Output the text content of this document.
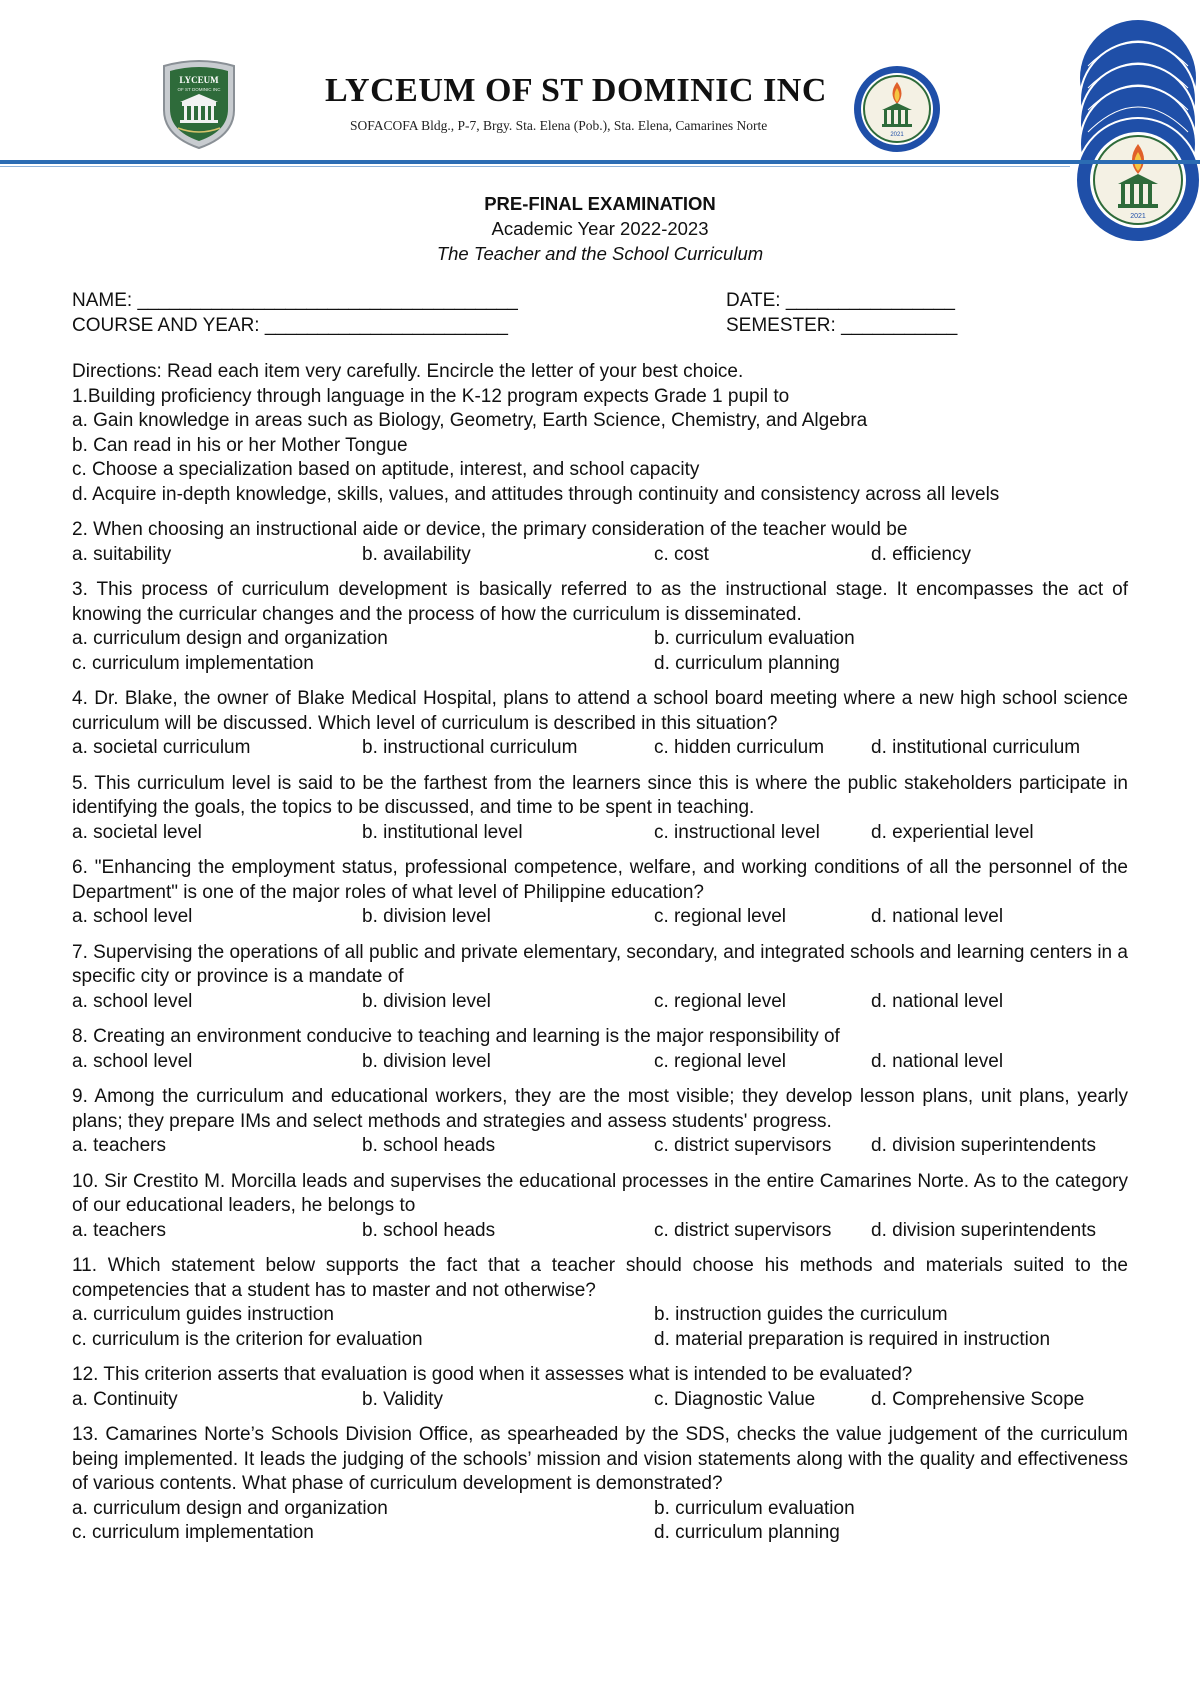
LYCEUM
OF ST DOMINIC INC	LYCEUM OF ST DOMINIC INC
SOFACOFA Bldg., P-7, Brgy. Sta. Elena (Pob.), Sta. Elena, Camarines Norte
2021
2021
PRE-FINAL EXAMINATION
Academic Year 2022-2023
The Teacher and the School Curriculum
NAME: ____________________________________	DATE: ________________
COURSE AND YEAR: _______________________	SEMESTER: ___________
Directions: Read each item very carefully. Encircle the letter of your best choice.
1.Building proficiency through language in the K-12 program expects Grade 1 pupil to
a. Gain knowledge in areas such as Biology, Geometry, Earth Science, Chemistry, and Algebra
b. Can read in his or her Mother Tongue
c. Choose a specialization based on aptitude, interest, and school capacity
d. Acquire in-depth knowledge, skills, values, and attitudes through continuity and consistency across all levels
2. When choosing an instructional aide or device, the primary consideration of the teacher would be
a. suitability	b. availability	c. cost	d. efficiency
3. This process of curriculum development is basically referred to as the instructional stage. It encompasses the act of knowing the curricular changes and the process of how the curriculum is disseminated.
a. curriculum design and organization	b. curriculum evaluation
c. curriculum implementation	d. curriculum planning
4. Dr. Blake, the owner of Blake Medical Hospital, plans to attend a school board meeting where a new high school science curriculum will be discussed. Which level of curriculum is described in this situation?
a. societal curriculum	b. instructional curriculum	c. hidden curriculum d. institutional curriculum
5. This curriculum level is said to be the farthest from the learners since this is where the public stakeholders participate in identifying the goals, the topics to be discussed, and time to be spent in teaching.
a. societal level	b. institutional level	c. instructional level	d. experiential level
6. "Enhancing the employment status, professional competence, welfare, and working conditions of all the personnel of the Department" is one of the major roles of what level of Philippine education?
a. school level	b. division level	c. regional level	d. national level
7. Supervising the operations of all public and private elementary, secondary, and integrated schools and learning centers in a specific city or province is a mandate of
a. school level	b. division level	c. regional level	d. national level
8. Creating an environment conducive to teaching and learning is the major responsibility of
a. school level	b. division level	c. regional level	d. national level
9. Among the curriculum and educational workers, they are the most visible; they develop lesson plans, unit plans, yearly plans; they prepare IMs and select methods and strategies and assess students' progress.
a. teachers	b. school heads	c. district supervisors d. division superintendents
10. Sir Crestito M. Morcilla leads and supervises the educational processes in the entire Camarines Norte. As to the category of our educational leaders, he belongs to
a. teachers	b. school heads	c. district supervisors d. division superintendents
11. Which statement below supports the fact that a teacher should choose his methods and materials suited to the competencies that a student has to master and not otherwise?
a. curriculum guides instruction	b. instruction guides the curriculum
c. curriculum is the criterion for evaluation	d. material preparation is required in instruction
12. This criterion asserts that evaluation is good when it assesses what is intended to be evaluated?
a. Continuity	b. Validity	c. Diagnostic Value	d. Comprehensive Scope
13. Camarines Norte’s Schools Division Office, as spearheaded by the SDS, checks the value judgement of the curriculum being implemented. It leads the judging of the schools’ mission and vision statements along with the quality and effectiveness of various contents. What phase of curriculum development is demonstrated?
a. curriculum design and organization	b. curriculum evaluation
c. curriculum implementation	d. curriculum planning
